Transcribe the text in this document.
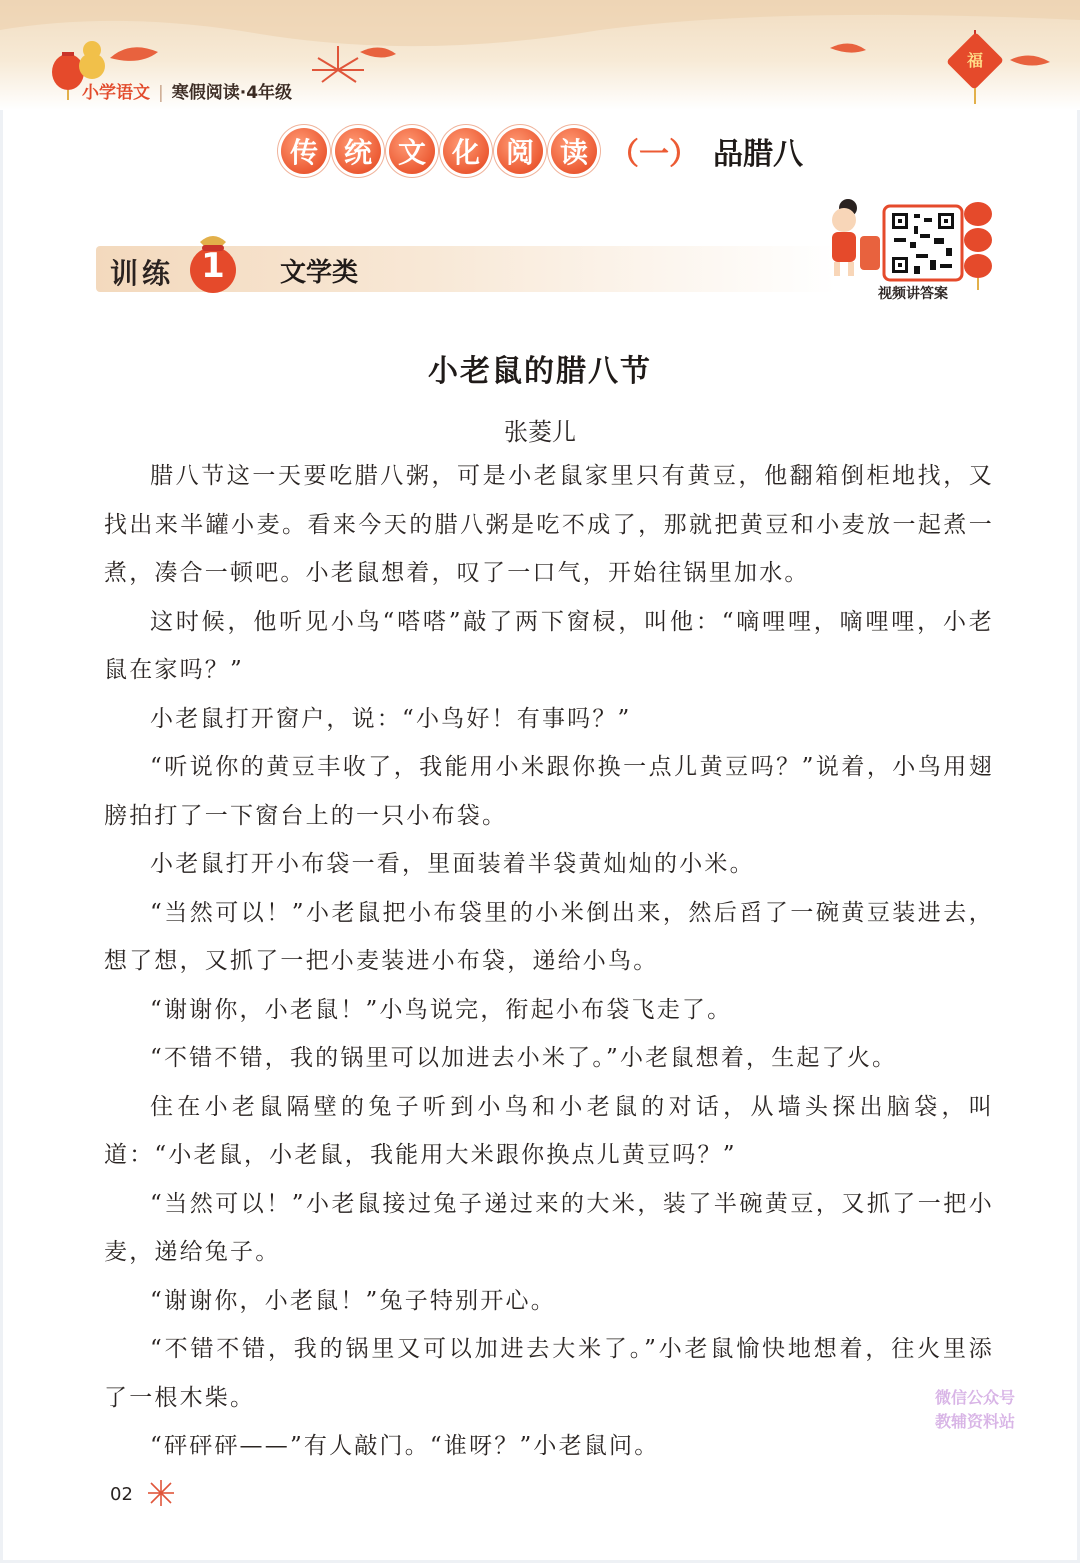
福
小学语文 | 寒假阅读·4年级
传 统 文 化 阅 读 （一） 品腊八
训练 1	文学类
视频讲答案
小老鼠的腊八节
张菱儿

腊八节这一天要吃腊八粥，可是小老鼠家里只有黄豆，他翻箱倒柜地找，又找出来半罐小麦。看来今天的腊八粥是吃不成了，那就把黄豆和小麦放一起煮一煮，凑合一顿吧。小老鼠想着，叹了一口气，开始往锅里加水。

这时候，他听见小鸟“嗒嗒”敲了两下窗棂，叫他：“嘀哩哩，嘀哩哩，小老鼠在家吗？”

小老鼠打开窗户，说：“小鸟好！有事吗？”

“听说你的黄豆丰收了，我能用小米跟你换一点儿黄豆吗？”说着，小鸟用翅膀拍打了一下窗台上的一只小布袋。

小老鼠打开小布袋一看，里面装着半袋黄灿灿的小米。

“当然可以！”小老鼠把小布袋里的小米倒出来，然后舀了一碗黄豆装进去，想了想，又抓了一把小麦装进小布袋，递给小鸟。

“谢谢你，小老鼠！”小鸟说完，衔起小布袋飞走了。

“不错不错，我的锅里可以加进去小米了。”小老鼠想着，生起了火。

住在小老鼠隔壁的兔子听到小鸟和小老鼠的对话，从墙头探出脑袋，叫道：“小老鼠，小老鼠，我能用大米跟你换点儿黄豆吗？”

“当然可以！”小老鼠接过兔子递过来的大米，装了半碗黄豆，又抓了一把小麦，递给兔子。

“谢谢你，小老鼠！”兔子特别开心。

“不错不错，我的锅里又可以加进去大米了。”小老鼠愉快地想着，往火里添了一根木柴。

“砰砰砰——”有人敲门。“谁呀？”小老鼠问。

02
微信公众号
教辅资料站
